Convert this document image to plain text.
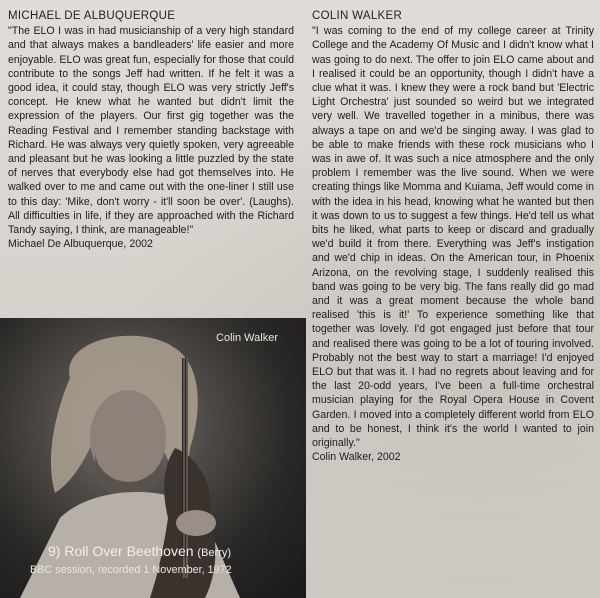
MICHAEL DE ALBUQUERQUE

"The ELO I was in had musicianship of a very high standard and that always makes a bandleaders' life easier and more enjoyable. ELO was great fun, especially for those that could contribute to the songs Jeff had written. If he felt it was a good idea, it could stay, though ELO was very strictly Jeff's concept. He knew what he wanted but didn't limit the expression of the players. Our first gig together was the Reading Festival and I remember standing backstage with Richard. He was always very quietly spoken, very agreeable and pleasant but he was looking a little puzzled by the state of nerves that everybody else had got themselves into. He walked over to me and came out with the one-liner I still use to this day: 'Mike, don't worry - it'll soon be over'. (Laughs). All difficulties in life, if they are approached with the Richard Tandy saying, I think, are manageable!"

Michael De Albuquerque, 2002

COLIN WALKER

"I was coming to the end of my college career at Trinity College and the Academy Of Music and I didn't know what I was going to do next. The offer to join ELO came about and I realised it could be an opportunity, though I didn't have a clue what it was. I knew they were a rock band but 'Electric Light Orchestra' just sounded so weird but we integrated very well. We travelled together in a minibus, there was always a tape on and we'd be singing away. I was glad to be able to make friends with these rock musicians who I was in awe of. It was such a nice atmosphere and the only problem I remember was the live sound. When we were creating things like Momma and Kuiama, Jeff would come in with the idea in his head, knowing what he wanted but then it was down to us to suggest a few things. He'd tell us what bits he liked, what parts to keep or discard and gradually we'd build it from there. Everything was Jeff's instigation and we'd chip in ideas. On the American tour, in Phoenix Arizona, on the revolving stage, I suddenly realised this band was going to be very big. The fans really did go mad and it was a great moment because the whole band realised 'this is it!' To experience something like that together was lovely. I'd got engaged just before that tour and realised there was going to be a lot of touring involved. Probably not the best way to start a marriage! I'd enjoyed ELO but that was it. I had no regrets about leaving and for the last 20-odd years, I've been a full-time orchestral musician playing for the Royal Opera House in Covent Garden. I moved into a completely different world from ELO and to be honest, I think it's the world I wanted to join originally."

Colin Walker, 2002

Colin Walker
9) Roll Over Beethoven (Berry)
BBC session, recorded 1 November, 1972
